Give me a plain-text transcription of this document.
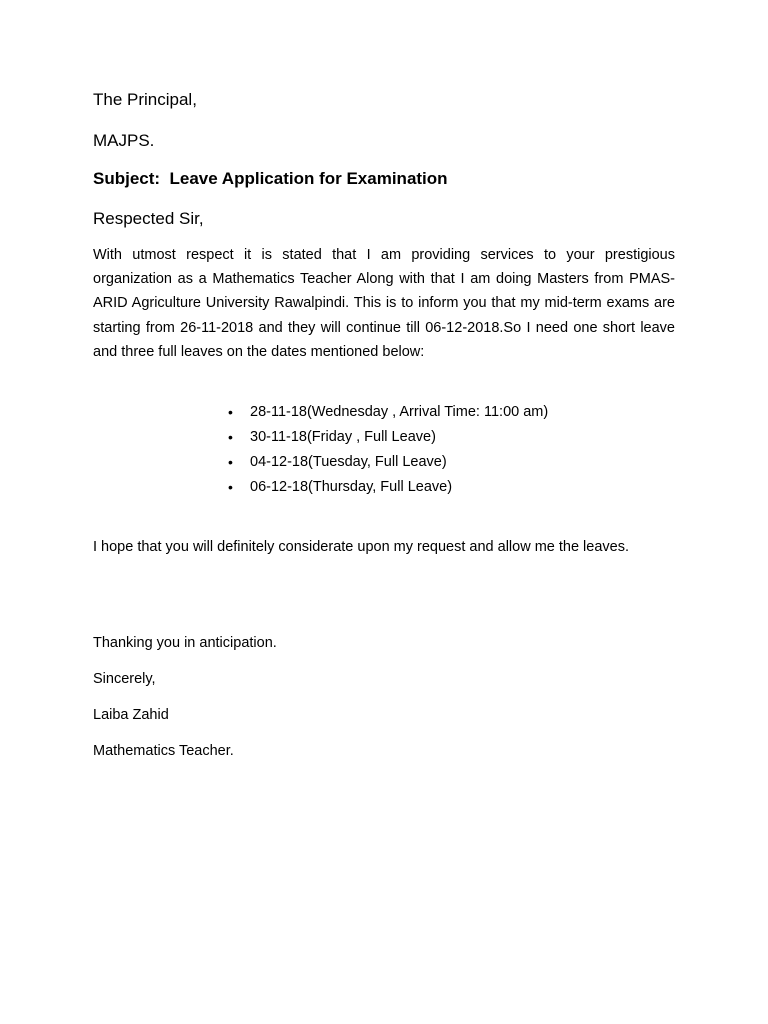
The Principal,

MAJPS.

Subject: Leave Application for Examination

Respected Sir,

With utmost respect it is stated that I am providing services to your prestigious organization as a Mathematics Teacher Along with that I am doing Masters from PMAS-ARID Agriculture University Rawalpindi. This is to inform you that my mid-term exams are starting from 26-11-2018 and they will continue till 06-12-2018.So I need one short leave and three full leaves on the dates mentioned below:

• 28-11-18(Wednesday , Arrival Time: 11:00 am)
• 30-11-18(Friday , Full Leave)
• 04-12-18(Tuesday, Full Leave)
• 06-12-18(Thursday, Full Leave)

I hope that you will definitely considerate upon my request and allow me the leaves.

Thanking you in anticipation.

Sincerely,

Laiba Zahid

Mathematics Teacher.
